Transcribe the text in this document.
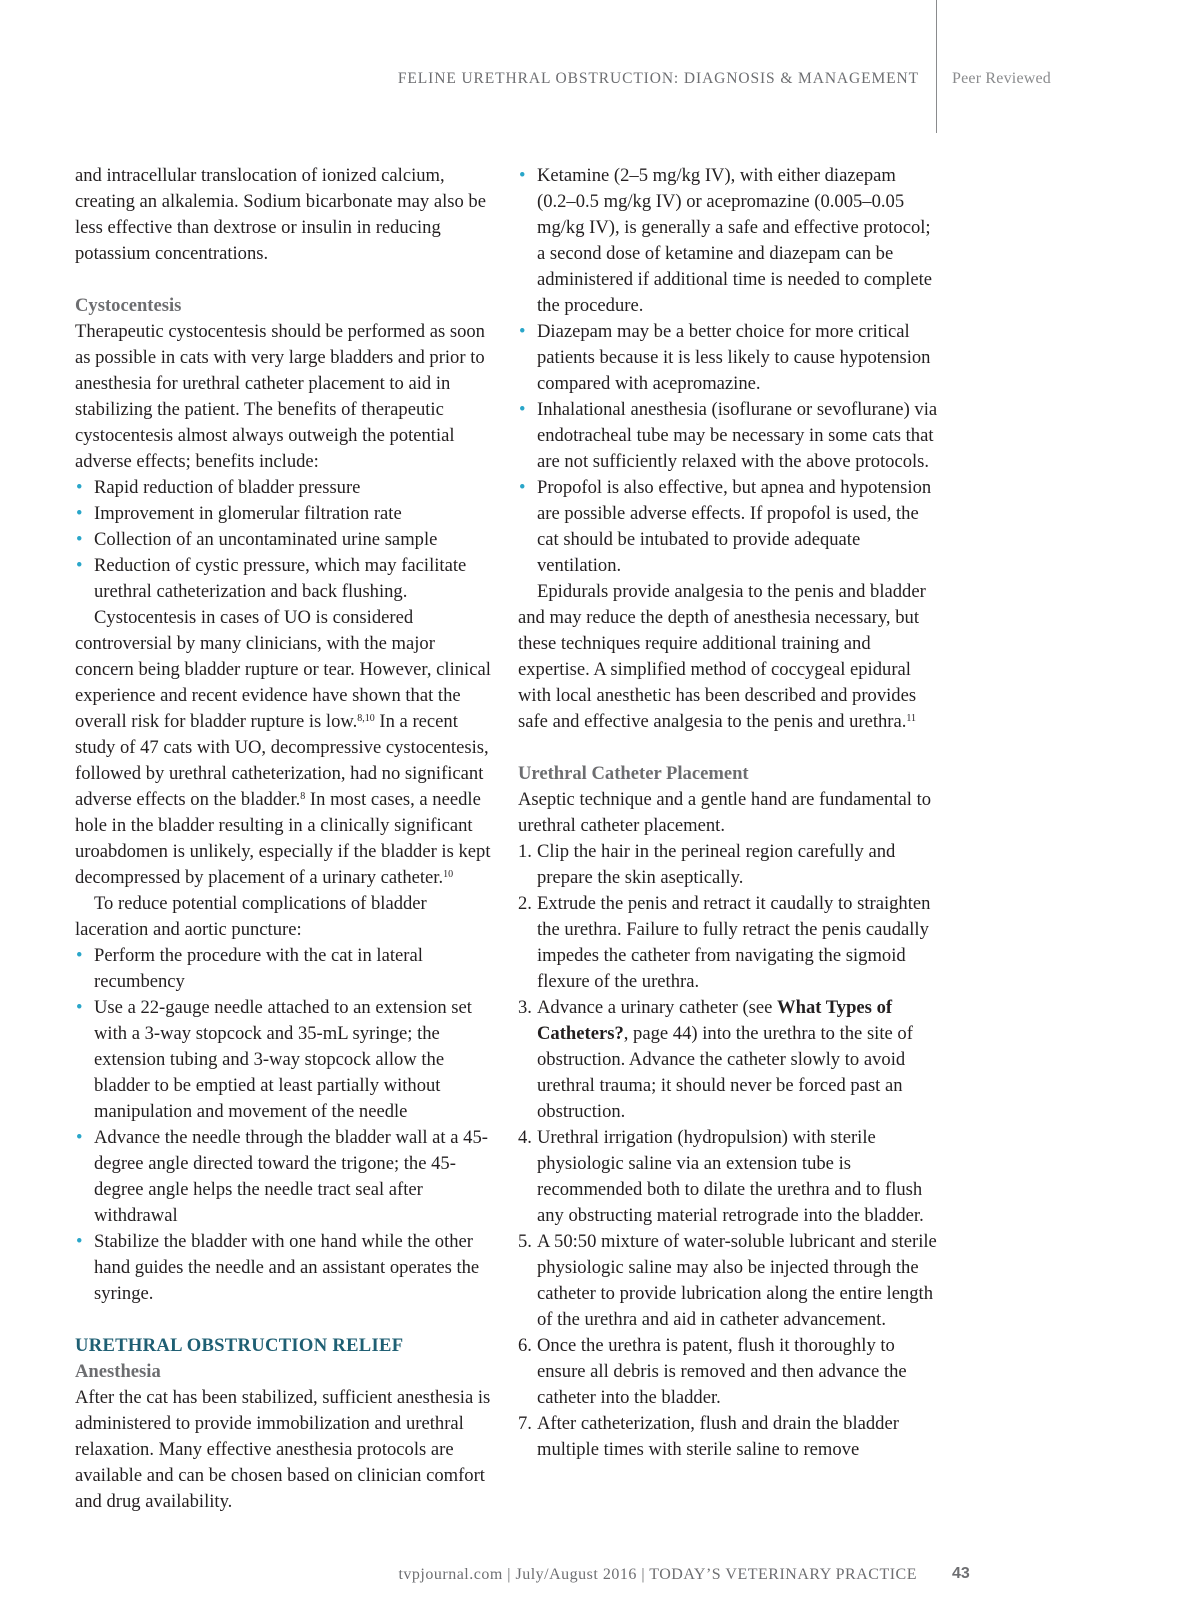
FELINE URETHRAL OBSTRUCTION: DIAGNOSIS & MANAGEMENT Peer Reviewed

and intracellular translocation of ionized calcium, creating an alkalemia. Sodium bicarbonate may also be less effective than dextrose or insulin in reducing potassium concentrations.

Cystocentesis

Therapeutic cystocentesis should be performed as soon as possible in cats with very large bladders and prior to anesthesia for urethral catheter placement to aid in stabilizing the patient. The benefits of therapeutic cystocentesis almost always outweigh the potential adverse effects; benefits include:

• Rapid reduction of bladder pressure
• Improvement in glomerular filtration rate
• Collection of an uncontaminated urine sample
• Reduction of cystic pressure, which may facilitate urethral catheterization and back flushing.

Cystocentesis in cases of UO is considered controversial by many clinicians, with the major concern being bladder rupture or tear. However, clinical experience and recent evidence have shown that the overall risk for bladder rupture is low.$^{8,10}$ In a recent study of 47 cats with UO, decompressive cystocentesis, followed by urethral catheterization, had no significant adverse effects on the bladder.$^8$ In most cases, a needle hole in the bladder resulting in a clinically significant uroabdomen is unlikely, especially if the bladder is kept decompressed by placement of a urinary catheter.$^{10}$

To reduce potential complications of bladder laceration and aortic puncture:

• Perform the procedure with the cat in lateral recumbency
• Use a 22-gauge needle attached to an extension set with a 3-way stopcock and 35-mL syringe; the extension tubing and 3-way stopcock allow the bladder to be emptied at least partially without manipulation and movement of the needle
• Advance the needle through the bladder wall at a 45-degree angle directed toward the trigone; the 45-degree angle helps the needle tract seal after withdrawal
• Stabilize the bladder with one hand while the other hand guides the needle and an assistant operates the syringe.

URETHRAL OBSTRUCTION RELIEF

Anesthesia

After the cat has been stabilized, sufficient anesthesia is administered to provide immobilization and urethral relaxation. Many effective anesthesia protocols are available and can be chosen based on clinician comfort and drug availability.

• Ketamine (2–5 mg/kg IV), with either diazepam (0.2–0.5 mg/kg IV) or acepromazine (0.005–0.05 mg/kg IV), is generally a safe and effective protocol; a second dose of ketamine and diazepam can be administered if additional time is needed to complete the procedure.
• Diazepam may be a better choice for more critical patients because it is less likely to cause hypotension compared with acepromazine.
• Inhalational anesthesia (isoflurane or sevoflurane) via endotracheal tube may be necessary in some cats that are not sufficiently relaxed with the above protocols.
• Propofol is also effective, but apnea and hypotension are possible adverse effects. If propofol is used, the cat should be intubated to provide adequate ventilation.

Epidurals provide analgesia to the penis and bladder and may reduce the depth of anesthesia necessary, but these techniques require additional training and expertise. A simplified method of coccygeal epidural with local anesthetic has been described and provides safe and effective analgesia to the penis and urethra.$^{11}$

Urethral Catheter Placement

Aseptic technique and a gentle hand are fundamental to urethral catheter placement.

1. Clip the hair in the perineal region carefully and prepare the skin aseptically.
2. Extrude the penis and retract it caudally to straighten the urethra. Failure to fully retract the penis caudally impedes the catheter from navigating the sigmoid flexure of the urethra.
3. Advance a urinary catheter (see What Types of Catheters?, page 44) into the urethra to the site of obstruction. Advance the catheter slowly to avoid urethral trauma; it should never be forced past an obstruction.
4. Urethral irrigation (hydropulsion) with sterile physiologic saline via an extension tube is recommended both to dilate the urethra and to flush any obstructing material retrograde into the bladder.
5. A 50:50 mixture of water-soluble lubricant and sterile physiologic saline may also be injected through the catheter to provide lubrication along the entire length of the urethra and aid in catheter advancement.
6. Once the urethra is patent, flush it thoroughly to ensure all debris is removed and then advance the catheter into the bladder.
7. After catheterization, flush and drain the bladder multiple times with sterile saline to remove
tvpjournal.com | July/August 2016 | TODAY’S VETERINARY PRACTICE 43
